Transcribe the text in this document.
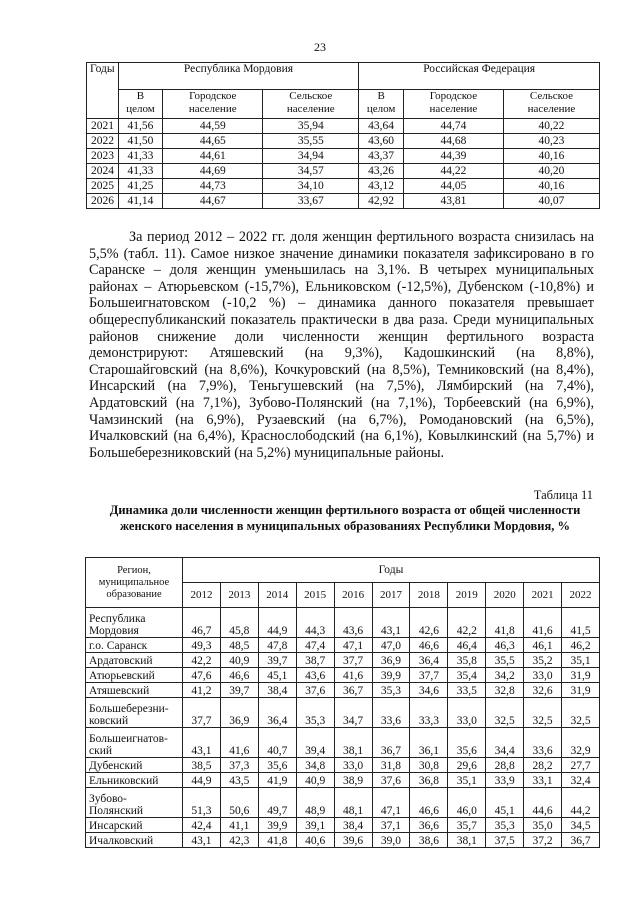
23
Годы	Республика Мордовия			Российская Федерация		
	В целом	Городское население	Сельское население	В целом	Городское население	Сельское население
2021	41,56	44,59	35,94	43,64	44,74	40,22
2022	41,50	44,65	35,55	43,60	44,68	40,23
2023	41,33	44,61	34,94	43,37	44,39	40,16
2024	41,33	44,69	34,57	43,26	44,22	40,20
2025	41,25	44,73	34,10	43,12	44,05	40,16
2026	41,14	44,67	33,67	42,92	43,81	40,07

За период 2012 – 2022 гг. доля женщин фертильного возраста снизилась на 5,5% (табл. 11). Самое низкое значение динамики показателя зафиксировано в го Саранске – доля женщин уменьшилась на 3,1%. В четырех муниципальных районах – Атюрьевском (-15,7%), Ельниковском (-12,5%), Дубенском (-10,8%) и Большеигнатовском (-10,2 %) – динамика данного показателя превышает общереспубликанский показатель практически в два раза. Среди муниципальных районов снижение доли численности женщин фертильного возраста демонстрируют: Атяшевский (на 9,3%), Кадошкинский (на 8,8%), Старошайговский (на 8,6%), Кочкуровский (на 8,5%), Темниковский (на 8,4%), Инсарский (на 7,9%), Теньгушевский (на 7,5%), Лямбирский (на 7,4%), Ардатовский (на 7,1%), Зубово-Полянский (на 7,1%), Торбеевский (на 6,9%), Чамзинский (на 6,9%), Рузаевский (на 6,7%), Ромодановский (на 6,5%), Ичалковский (на 6,4%), Краснослободский (на 6,1%), Ковылкинский (на 5,7%) и Большеберезниковский (на 5,2%) муниципальные районы.

Таблица 11
Динамика доли численности женщин фертильного возраста от общей численности женского населения в муниципальных образованиях Республики Мордовия, %
Регион, муниципальное образование	Годы										
	2012	2013	2014	2015	2016	2017	2018	2019	2020	2021	2022
Республика Мордовия	46,7	45,8	44,9	44,3	43,6	43,1	42,6	42,2	41,8	41,6	41,5
г.о. Саранск	49,3	48,5	47,8	47,4	47,1	47,0	46,6	46,4	46,3	46,1	46,2
Ардатовский	42,2	40,9	39,7	38,7	37,7	36,9	36,4	35,8	35,5	35,2	35,1
Атюрьевский	47,6	46,6	45,1	43,6	41,6	39,9	37,7	35,4	34,2	33,0	31,9
Атяшевский	41,2	39,7	38,4	37,6	36,7	35,3	34,6	33,5	32,8	32,6	31,9
Большеберезни-ковский	37,7	36,9	36,4	35,3	34,7	33,6	33,3	33,0	32,5	32,5	32,5
Большеигнатов-ский	43,1	41,6	40,7	39,4	38,1	36,7	36,1	35,6	34,4	33,6	32,9
Дубенский	38,5	37,3	35,6	34,8	33,0	31,8	30,8	29,6	28,8	28,2	27,7
Ельниковский	44,9	43,5	41,9	40,9	38,9	37,6	36,8	35,1	33,9	33,1	32,4
Зубово-Полянский	51,3	50,6	49,7	48,9	48,1	47,1	46,6	46,0	45,1	44,6	44,2
Инсарский	42,4	41,1	39,9	39,1	38,4	37,1	36,6	35,7	35,3	35,0	34,5
Ичалковский	43,1	42,3	41,8	40,6	39,6	39,0	38,6	38,1	37,5	37,2	36,7
